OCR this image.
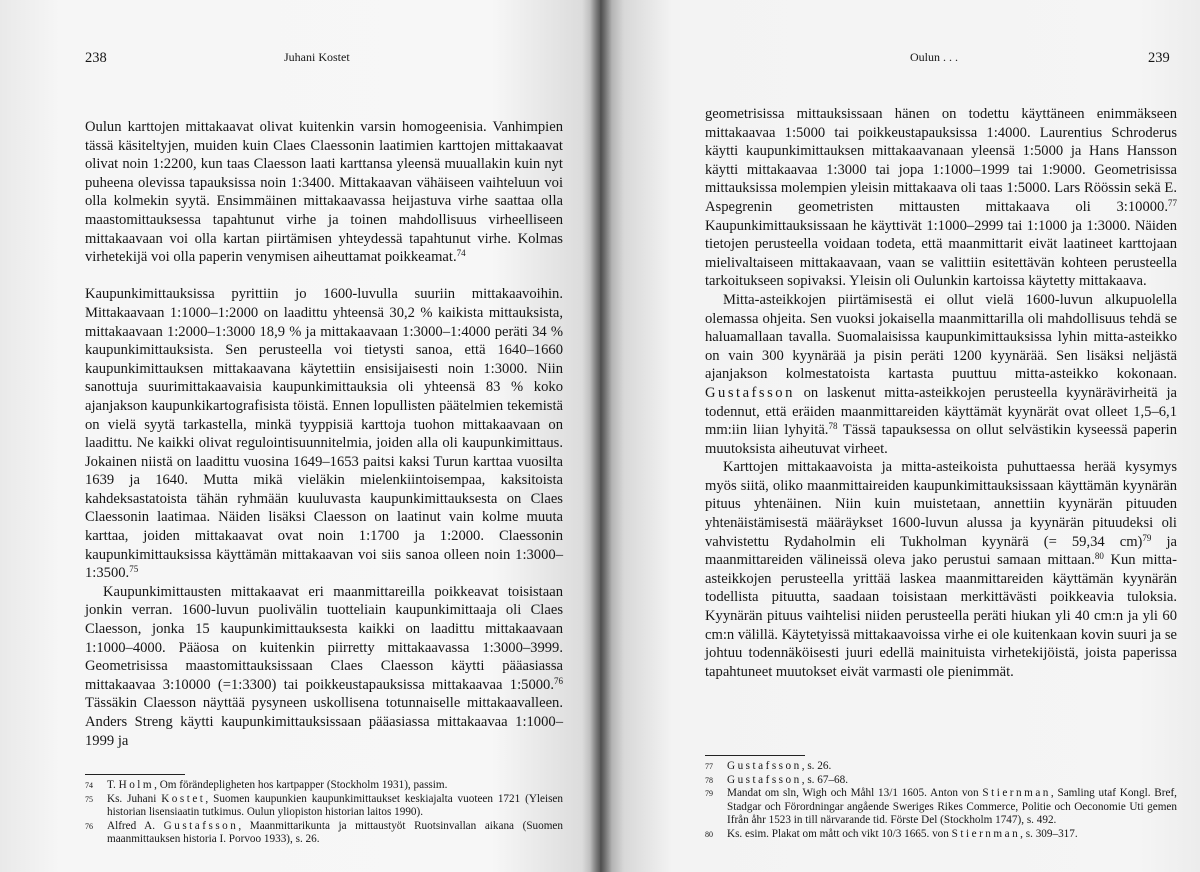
238	Juhani Kostet

Oulun karttojen mittakaavat olivat kuitenkin varsin homogeenisia. Vanhimpien tässä käsiteltyjen, muiden kuin Claes Claessonin laatimien karttojen mittakaavat olivat noin 1:2200, kun taas Claesson laati karttansa yleensä muuallakin kuin nyt puheena olevissa tapauksissa noin 1:3400. Mittakaavan vähäiseen vaihteluun voi olla kolmekin syytä. Ensimmäinen mittakaavassa heijastuva virhe saattaa olla maastomittauksessa tapahtunut virhe ja toinen mahdollisuus virheelliseen mittakaavaan voi olla kartan piirtämisen yhteydessä tapahtunut virhe. Kolmas virhetekijä voi olla paperin venymisen aiheuttamat poikkeamat.$^{74}$

Kaupunkimittauksissa pyrittiin jo 1600-luvulla suuriin mittakaavoihin. Mittakaavaan 1:1000–1:2000 on laadittu yhteensä 30,2 % kaikista mittauksista, mittakaavaan 1:2000–1:3000 18,9 % ja mittakaavaan 1:3000–1:4000 peräti 34 % kaupunkimittauksista. Sen perusteella voi tietysti sanoa, että 1640–1660 kaupunkimittauksen mittakaavana käytettiin ensisijaisesti noin 1:3000. Niin sanottuja suurimittakaavaisia kaupunkimittauksia oli yhteensä 83 % koko ajanjakson kaupunkikartografisista töistä. Ennen lopullisten päätelmien tekemistä on vielä syytä tarkastella, minkä tyyppisiä karttoja tuohon mittakaavaan on laadittu. Ne kaikki olivat regulointisuunnitelmia, joiden alla oli kaupunkimittaus. Jokainen niistä on laadittu vuosina 1649–1653 paitsi kaksi Turun karttaa vuosilta 1639 ja 1640. Mutta mikä vieläkin mielenkiintoisempaa, kaksitoista kahdeksastatoista tähän ryhmään kuuluvasta kaupunkimittauksesta on Claes Claessonin laatimaa. Näiden lisäksi Claesson on laatinut vain kolme muuta karttaa, joiden mittakaavat ovat noin 1:1700 ja 1:2000. Claessonin kaupunkimittauksissa käyttämän mittakaavan voi siis sanoa olleen noin 1:3000–1:3500.75

Kaupunkimittausten mittakaavat eri maanmittareilla poikkeavat toisistaan jonkin verran. 1600-luvun puolivälin tuotteliain kaupunkimittaaja oli Claes Claesson, jonka 15 kaupunkimittauksesta kaikki on laadittu mittakaavaan 1:1000–4000. Pääosa on kuitenkin piirretty mittakaavassa 1:3000–3999. Geometrisissa maastomittauksissaan Claes Claesson käytti pääasiassa mittakaavaa 3:10000 (=1:3300) tai poikkeustapauksissa mittakaavaa 1:5000.76 Tässäkin Claesson näyttää pysyneen uskollisena totunnaiselle mittakaavalleen. Anders Streng käytti kaupunkimittauksissaan pääasiassa mittakaavaa 1:1000–1999 ja

74 T. Holm, Om förändерligheten hos kartpapper (Stockholm 1931), passim.
75 Ks. Juhani Kostet, Suomen kaupunkien kaupunkimittaukset keskiajalta vuoteen 1721 (Yleisen historian lisensiaatin tutkimus. Oulun yliopiston historian laitos 1990).
76 Alfred A. Gustafsson, Maanmittarikunta ja mittaustyöt Ruotsinvallan aikana (Suomen maanmittauksen historia I. Porvoo 1933), s. 26.
Oulun . . .	239

geometrisissa mittauksissaan hänen on todettu käyttäneen enimmäkseen mittakaavaa 1:5000 tai poikkeustapauksissa 1:4000. Laurentius Schroderus käytti kaupunkimittauksen mittakaavanaan yleensä 1:5000 ja Hans Hansson käytti mittakaavaa 1:3000 tai jopa 1:1000–1999 tai 1:9000. Geometrisissa mittauksissa molempien yleisin mittakaava oli taas 1:5000. Lars Röössin sekä E. Aspegrenin geometristen mittausten mittakaava oli 3:10000.77 Kaupunkimittauksissaan he käyttivät 1:1000–2999 tai 1:1000 ja 1:3000. Näiden tietojen perusteella voidaan todeta, että maanmittarit eivät laatineet karttojaan mielivaltaiseen mittakaavaan, vaan se valittiin esitettävän kohteen perusteella tarkoitukseen sopivaksi. Yleisin oli Oulunkin kartoissa käytetty mittakaava.

Mitta-asteikkojen piirtämisestä ei ollut vielä 1600-luvun alkupuolella olemassa ohjeita. Sen vuoksi jokaisella maanmittarilla oli mahdollisuus tehdä se haluamallaan tavalla. Suomalaisissa kaupunkimittauksissa lyhin mitta-asteikko on vain 300 kyynärää ja pisin peräti 1200 kyynärää. Sen lisäksi neljästä ajanjakson kolmestatoista kartasta puuttuu mitta-asteikko kokonaan. Gustafsson on laskenut mitta-asteikkojen perusteella kyynärävirheitä ja todennut, että eräiden maanmittareiden käyttämät kyynärät ovat olleet 1,5–6,1 mm:iin liian lyhyitä.$^{78}$ Tässä tapauksessa on ollut selvästikin kyseessä paperin muutoksista aiheutuvat virheet.

Karttojen mittakaavoista ja mitta-asteikoista puhuttaessa herää kysymys myös siitä, oliko maanmittaireiden kaupunkimittauksissaan käyttämän kyynärän pituus yhtenäinen. Niin kuin muistetaan, annettiin kyynärän pituuden yhtenäistämisestä määräykset 1600-luvun alussa ja kyynärän pituudeksi oli vahvistettu Rydaholmin eli Tukholman kyynärä (= 59,34 cm)$^{79}$ ja maanmittareiden välineissä oleva jako perustui samaan mittaan.$^{80}$ Kun mitta-asteikkojen perusteella yrittää laskea maanmittareiden käyttämän kyynärän todellista pituutta, saadaan toisistaan merkittävästi poikkeavia tuloksia. Kyynärän pituus vaihtelisi niiden perusteella peräti hiukan yli 40 cm:n ja yli 60 cm:n välillä. Käytetyissä mittakaavoissa virhe ei ole kuitenkaan kovin suuri ja se johtuu todennäköisesti juuri edellä mainituista virhetekijöistä, joista paperissa tapahtuneet muutokset eivät varmasti ole pienimmät.

77 Gustafsson, s. 26.
78 Gustafsson, s. 67–68.
79 Mandat om sln, Wigh och Måhl 13/1 1605. Anton von Stiernman, Samling utaf Kongl. Bref, Stadgar och Förordningar angående Sweriges Rikes Commerce, Politie och Oeconomie Uti gemen Ifrån åhr 1523 in till närvarande tid. Förste Del (Stockholm 1747), s. 492.
80 Ks. esim. Plakat om mått och vikt 10/3 1665. von Stiernman, s. 309–317.
